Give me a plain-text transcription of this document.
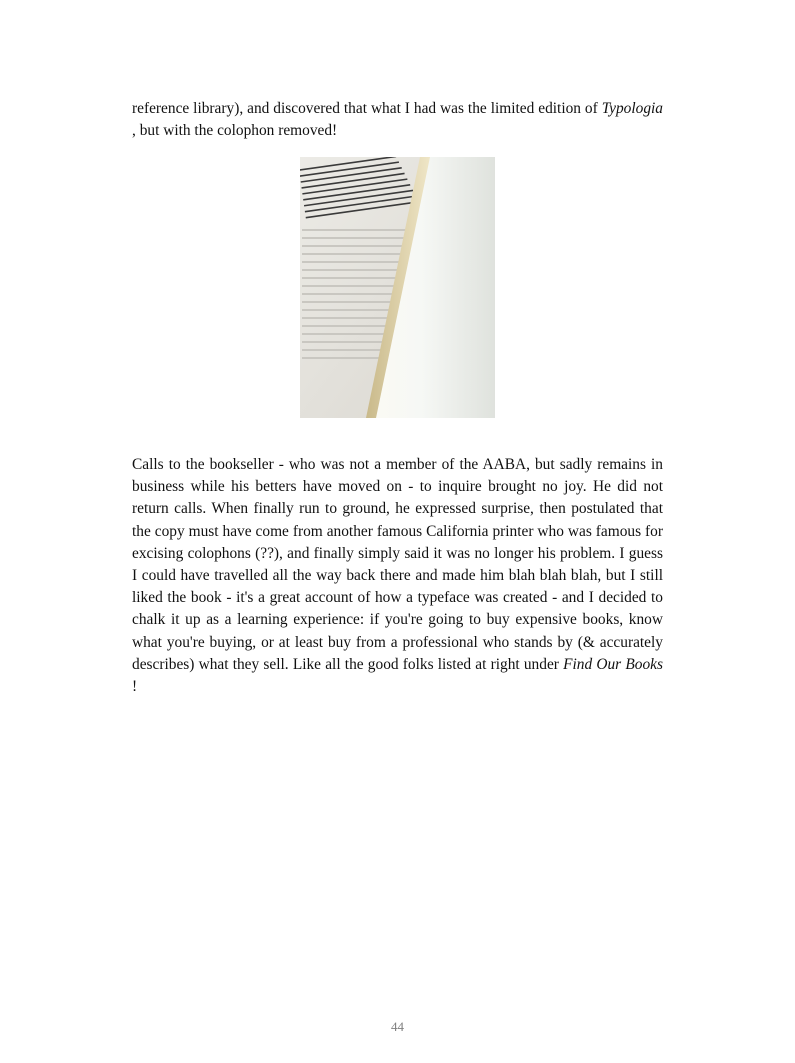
reference library), and discovered that what I had was the limited edition of Typologia , but with the colophon removed!

Calls to the bookseller - who was not a member of the AABA, but sadly remains in business while his betters have moved on - to inquire brought no joy. He did not return calls. When finally run to ground, he expressed surprise, then postulated that the copy must have come from another famous California printer who was famous for excising colophons (??), and finally simply said it was no longer his problem. I guess I could have travelled all the way back there and made him blah blah blah, but I still liked the book - it's a great account of how a typeface was created - and I decided to chalk it up as a learning experience: if you're going to buy expensive books, know what you're buying, or at least buy from a professional who stands by (& accurately describes) what they sell. Like all the good folks listed at right under Find Our Books !

44
